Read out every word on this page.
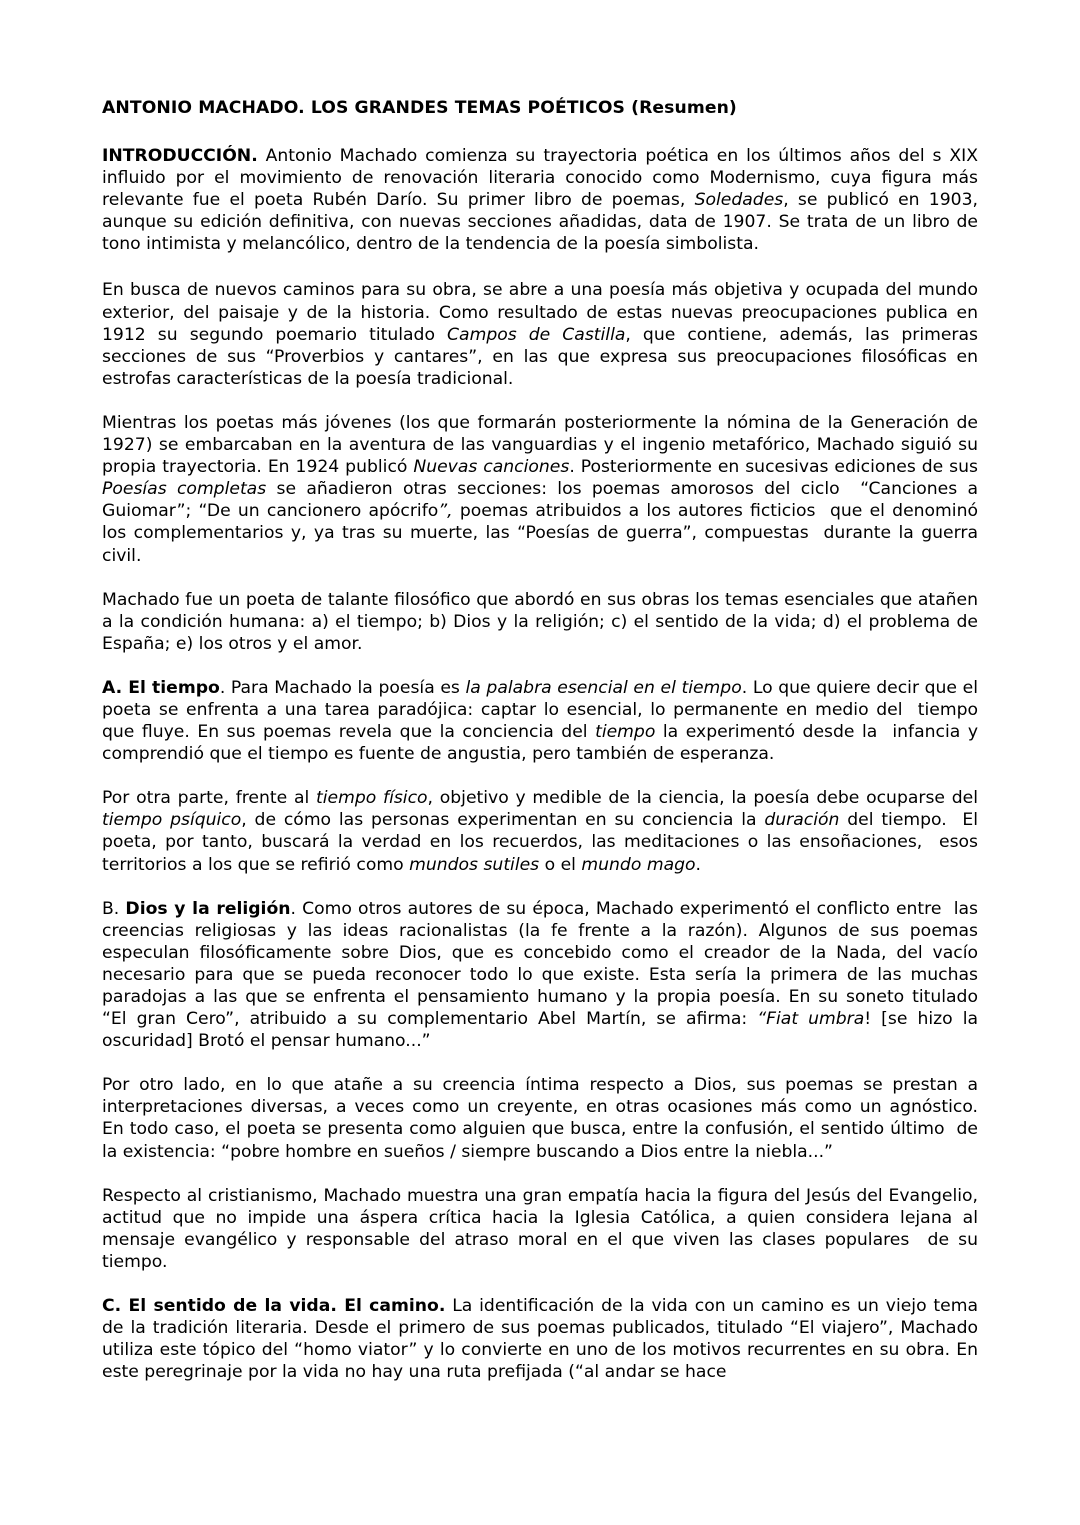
ANTONIO MACHADO. LOS GRANDES TEMAS POÉTICOS (Resumen)

INTRODUCCIÓN. Antonio Machado comienza su trayectoria poética en los últimos años del s XIX influido por el movimiento de renovación literaria conocido como Modernismo, cuya figura más relevante fue el poeta Rubén Darío. Su primer libro de poemas, Soledades, se publicó en 1903, aunque su edición definitiva, con nuevas secciones añadidas, data de 1907. Se trata de un libro de tono intimista y melancólico, dentro de la tendencia de la poesía simbolista.

En busca de nuevos caminos para su obra, se abre a una poesía más objetiva y ocupada del mundo exterior, del paisaje y de la historia. Como resultado de estas nuevas preocupaciones publica en 1912 su segundo poemario titulado Campos de Castilla, que contiene, además, las primeras secciones de sus “Proverbios y cantares”, en las que expresa sus preocupaciones filosóficas en estrofas características de la poesía tradicional.

Mientras los poetas más jóvenes (los que formarán posteriormente la nómina de la Generación de 1927) se embarcaban en la aventura de las vanguardias y el ingenio metafórico, Machado siguió su propia trayectoria. En 1924 publicó Nuevas canciones. Posteriormente en sucesivas ediciones de sus Poesías completas se añadieron otras secciones: los poemas amorosos del ciclo  “Canciones a Guiomar”; “De un cancionero apócrifo”, poemas atribuidos a los autores ficticios  que el denominó los complementarios y, ya tras su muerte, las “Poesías de guerra”, compuestas  durante la guerra civil.

Machado fue un poeta de talante filosófico que abordó en sus obras los temas esenciales que atañen a la condición humana: a) el tiempo; b) Dios y la religión; c) el sentido de la vida; d) el problema de España; e) los otros y el amor.

A. El tiempo. Para Machado la poesía es la palabra esencial en el tiempo. Lo que quiere decir que el poeta se enfrenta a una tarea paradójica: captar lo esencial, lo permanente en medio del  tiempo que fluye. En sus poemas revela que la conciencia del tiempo la experimentó desde la  infancia y comprendió que el tiempo es fuente de angustia, pero también de esperanza.

Por otra parte, frente al tiempo físico, objetivo y medible de la ciencia, la poesía debe ocuparse del tiempo psíquico, de cómo las personas experimentan en su conciencia la duración del tiempo.  El poeta, por tanto, buscará la verdad en los recuerdos, las meditaciones o las ensoñaciones,  esos territorios a los que se refirió como mundos sutiles o el mundo mago.

B. Dios y la religión. Como otros autores de su época, Machado experimentó el conflicto entre  las creencias religiosas y las ideas racionalistas (la fe frente a la razón). Algunos de sus poemas  especulan filosóficamente sobre Dios, que es concebido como el creador de la Nada, del vacío  necesario para que se pueda reconocer todo lo que existe. Esta sería la primera de las muchas  paradojas a las que se enfrenta el pensamiento humano y la propia poesía. En su soneto titulado   “El gran Cero”, atribuido a su complementario Abel Martín, se afirma: “Fiat umbra! [se hizo la  oscuridad] Brotó el pensar humano...”

Por otro lado, en lo que atañe a su creencia íntima respecto a Dios, sus poemas se prestan a interpretaciones diversas, a veces como un creyente, en otras ocasiones más como un agnóstico.  En todo caso, el poeta se presenta como alguien que busca, entre la confusión, el sentido último  de la existencia: “pobre hombre en sueños / siempre buscando a Dios entre la niebla...”

Respecto al cristianismo, Machado muestra una gran empatía hacia la figura del Jesús del Evangelio, actitud que no impide una áspera crítica hacia la Iglesia Católica, a quien considera lejana al mensaje evangélico y responsable del atraso moral en el que viven las clases populares  de su tiempo.

C. El sentido de la vida. El camino. La identificación de la vida con un camino es un viejo tema de la tradición literaria. Desde el primero de sus poemas publicados, titulado “El viajero”, Machado utiliza este tópico del “homo viator” y lo convierte en uno de los motivos recurrentes en su obra. En este peregrinaje por la vida no hay una ruta prefijada (“al andar se hace
